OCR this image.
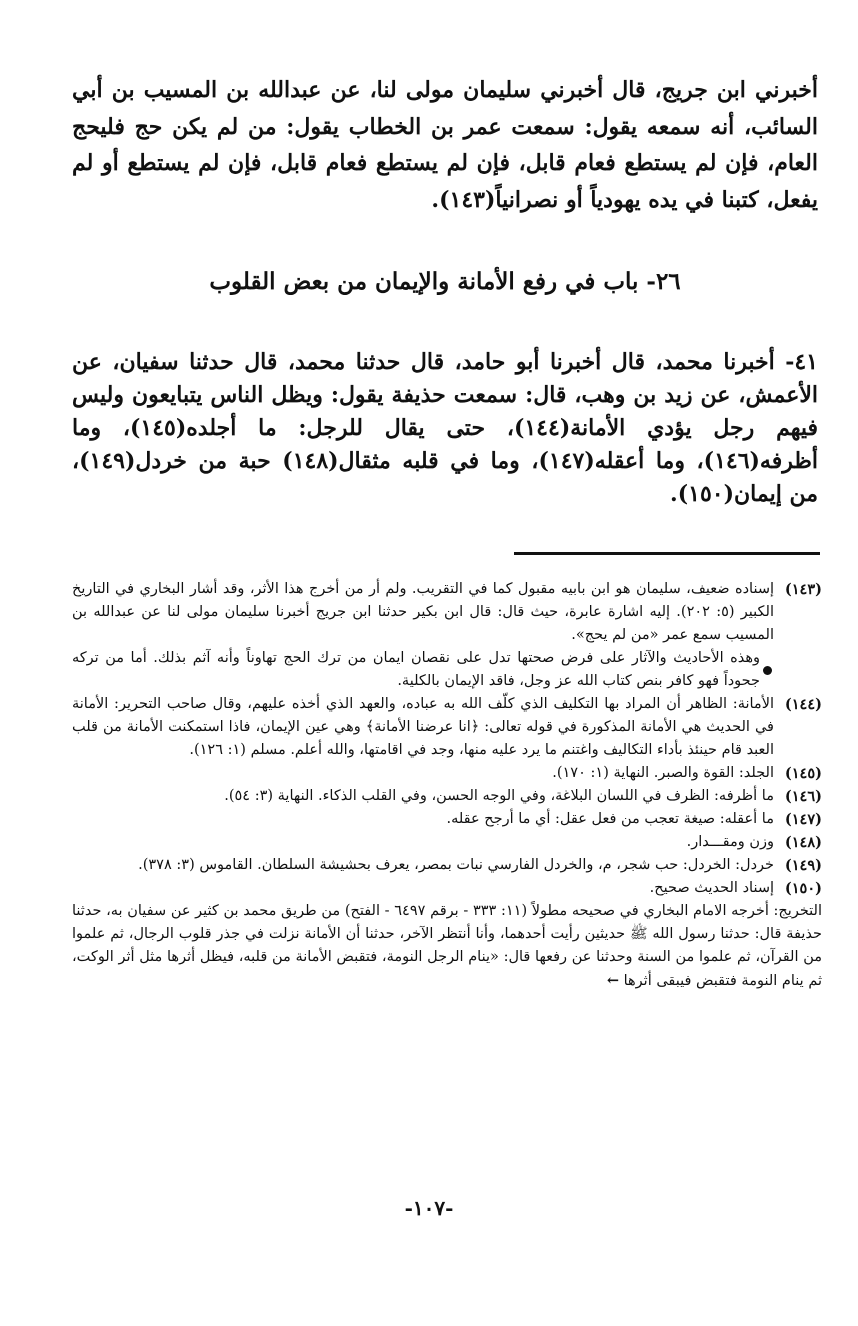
أخبرني ابن جريج، قال أخبرني سليمان مولى لنا، عن عبدالله بن المسيب بن أبي السائب، أنه سمعه يقول: سمعت عمر بن الخطاب يقول: من لم يكن حج فليحج العام، فإن لم يستطع فعام قابل، فإن لم يستطع فعام قابل، فإن لم يستطع أو لم يفعل، كتبنا في يده يهودياً أو نصرانياً(١٤٣).

٢٦- باب في رفع الأمانة والإيمان من بعض القلوب

٤١- أخبرنا محمد، قال أخبرنا أبو حامد، قال حدثنا محمد، قال حدثنا سفيان، عن الأعمش، عن زيد بن وهب، قال: سمعت حذيفة يقول: ويظل الناس يتبايعون وليس فيهم رجل يؤدي الأمانة(١٤٤)، حتى يقال للرجل: ما أجلده(١٤٥)، وما أظرفه(١٤٦)، وما أعقله(١٤٧)، وما في قلبه مثقال(١٤٨) حبة من خردل(١٤٩)، من إيمان(١٥٠).

(١٤٣)
إسناده ضعيف، سليمان هو ابن بابيه مقبول كما في التقريب. ولم أر من أخرج هذا الأثر، وقد أشار البخاري في التاريخ الكبير (٥: ٢٠٢). إليه اشارة عابرة، حيث قال: قال ابن بكير حدثنا ابن جريج أخبرنا سليمان مولى لنا عن عبدالله بن المسيب سمع عمر «من لم يحج».
وهذه الأحاديث والآثار على فرض صحتها تدل على نقصان ايمان من ترك الحج تهاوناً وأنه آثم بذلك. أما من تركه جحوداً فهو كافر بنص كتاب الله عز وجل، فاقد الإيمان بالكلية.
(١٤٤)
الأمانة: الظاهر أن المراد بها التكليف الذي كلّف الله به عباده، والعهد الذي أخذه عليهم، وقال صاحب التحرير: الأمانة في الحديث هي الأمانة المذكورة في قوله تعالى: ﴿انا عرضنا الأمانة﴾ وهي عين الإيمان، فاذا استمكنت الأمانة من قلب العبد قام حينئذ بأداء التكاليف واغتنم ما يرد عليه منها، وجد في اقامتها، والله أعلم. مسلم (١: ١٢٦).
(١٤٥)
الجلد: القوة والصبر. النهاية (١: ١٧٠).
(١٤٦)
ما أظرفه: الظرف في اللسان البلاغة، وفي الوجه الحسن، وفي القلب الذكاء. النهاية (٣: ٥٤).
(١٤٧)
ما أعقله: صيغة تعجب من فعل عقل: أي ما أرجح عقله.
(١٤٨)
وزن ومقـــدار.
(١٤٩)
خردل: الخردل: حب شجر، م، والخردل الفارسي نبات بمصر، يعرف بحشيشة السلطان. القاموس (٣: ٣٧٨).
(١٥٠)
إسناد الحديث صحيح.
التخريج: أخرجه الامام البخاري في صحيحه مطولاً (١١: ٣٣٣ - برقم ٦٤٩٧ - الفتح) من طريق محمد بن كثير عن سفيان به، حدثنا حذيفة قال: حدثنا رسول الله ﷺ حديثين رأيت أحدهما، وأنا أنتظر الآخر، حدثنا أن الأمانة نزلت في جذر قلوب الرجال، ثم علموا من القرآن، ثم علموا من السنة وحدثنا عن رفعها قال: «ينام الرجل النومة، فتقبض الأمانة من قلبه، فيظل أثرها مثل أثر الوكت، ثم ينام النومة فتقبض فيبقى أثرها ←
-١٠٧-
